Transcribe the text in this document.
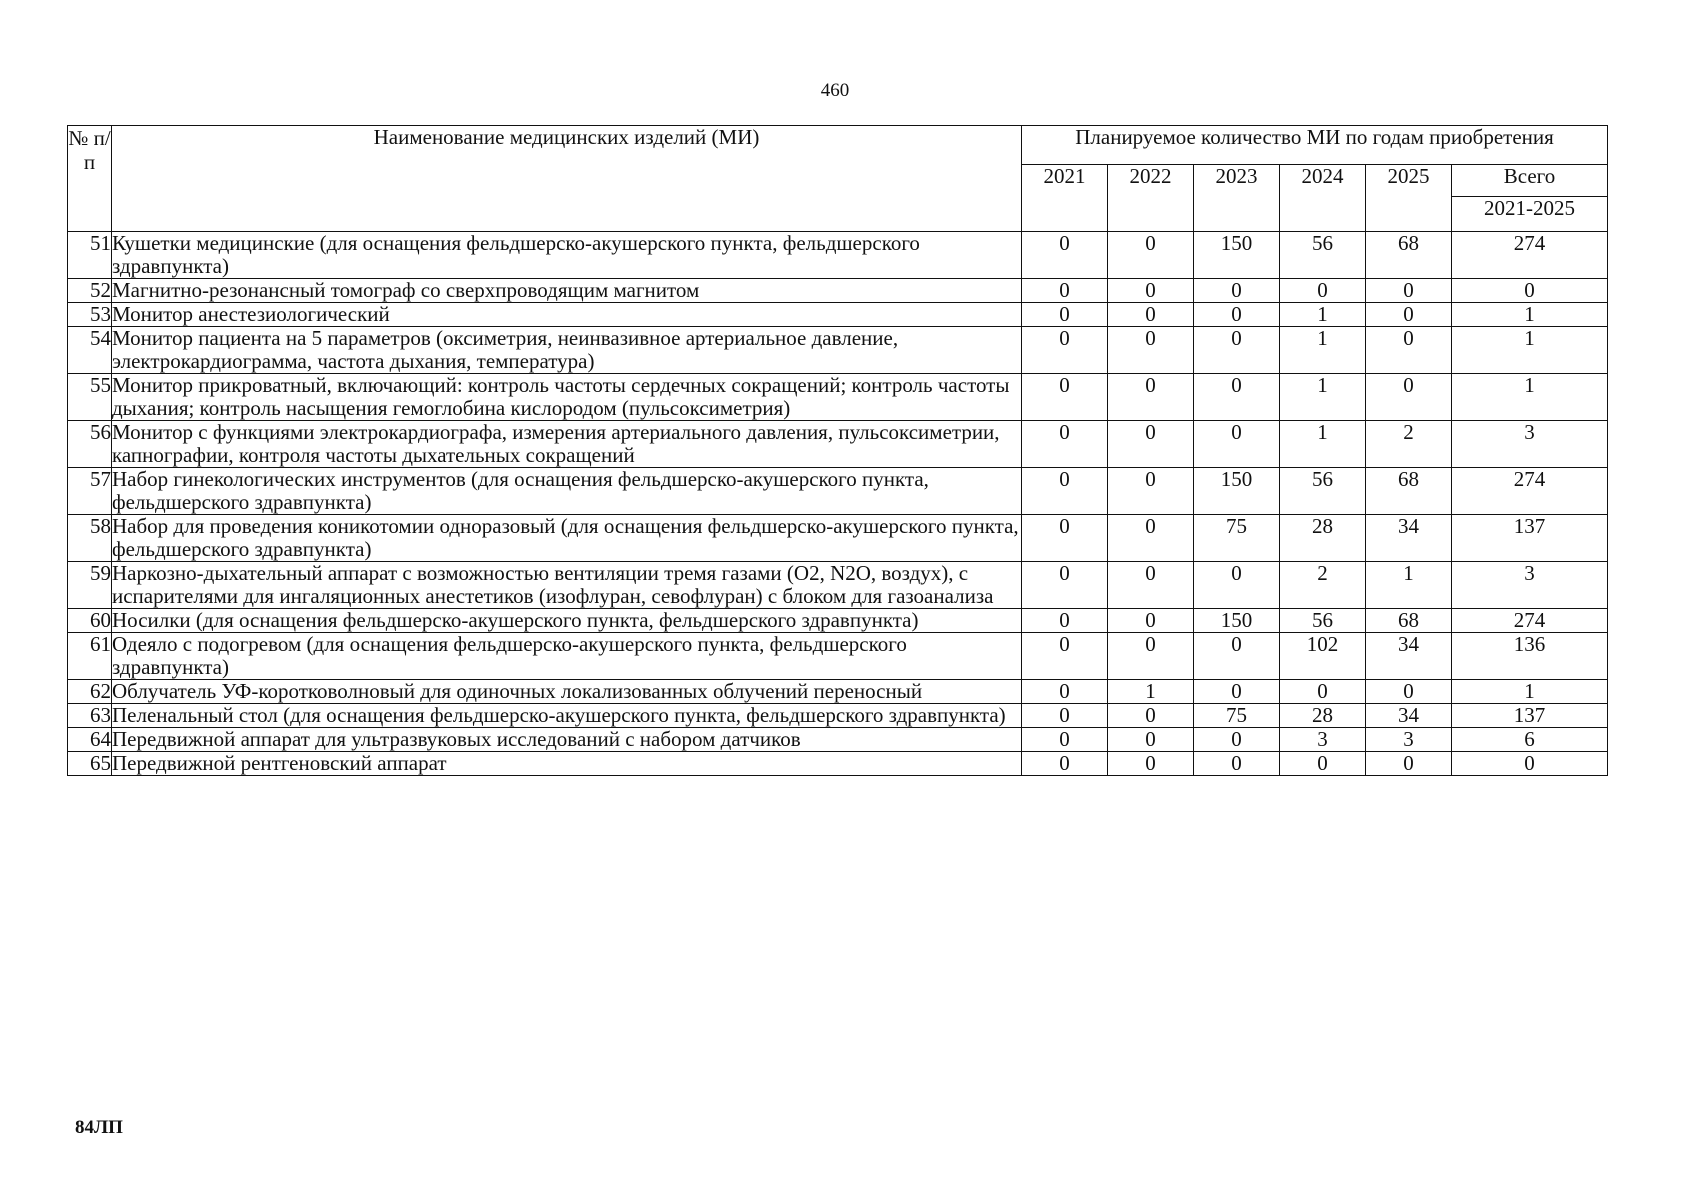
460
№ п/п	Наименование медицинских изделий (МИ)	Планируемое количество МИ по годам приобретения					
		2021	2022	2023	2024	2025	Всего
							2021-2025
51	Кушетки медицинские (для оснащения фельдшерско-акушерского пункта, фельдшерского здравпункта)	0	0	150	56	68	274
52	Магнитно-резонансный томограф со сверхпроводящим магнитом	0	0	0	0	0	0
53	Монитор анестезиологический	0	0	0	1	0	1
54	Монитор пациента на 5 параметров (оксиметрия, неинвазивное артериальное давление, электрокардиограмма, частота дыхания, температура)	0	0	0	1	0	1
55	Монитор прикроватный, включающий: контроль частоты сердечных сокращений; контроль частоты дыхания; контроль насыщения гемоглобина кислородом (пульсоксиметрия)	0	0	0	1	0	1
56	Монитор с функциями электрокардиографа, измерения артериального давления, пульсоксиметрии, капнографии, контроля частоты дыхательных сокращений	0	0	0	1	2	3
57	Набор гинекологических инструментов (для оснащения фельдшерско-акушерского пункта, фельдшерского здравпункта)	0	0	150	56	68	274
58	Набор для проведения коникотомии одноразовый (для оснащения фельдшерско-акушерского пункта, фельдшерского здравпункта)	0	0	75	28	34	137
59	Наркозно-дыхательный аппарат с возможностью вентиляции тремя газами (О2, N2О, воздух), с испарителями для ингаляционных анестетиков (изофлуран, севофлуран) с блоком для газоанализа	0	0	0	2	1	3
60	Носилки (для оснащения фельдшерско-акушерского пункта, фельдшерского здравпункта)	0	0	150	56	68	274
61	Одеяло с подогревом (для оснащения фельдшерско-акушерского пункта, фельдшерского здравпункта)	0	0	0	102	34	136
62	Облучатель УФ-коротковолновый для одиночных локализованных облучений переносный	0	1	0	0	0	1
63	Пеленальный стол (для оснащения фельдшерско-акушерского пункта, фельдшерского здравпункта)	0	0	75	28	34	137
64	Передвижной аппарат для ультразвуковых исследований с набором датчиков	0	0	0	3	3	6
65	Передвижной рентгеновский аппарат	0	0	0	0	0	0
84ЛП
